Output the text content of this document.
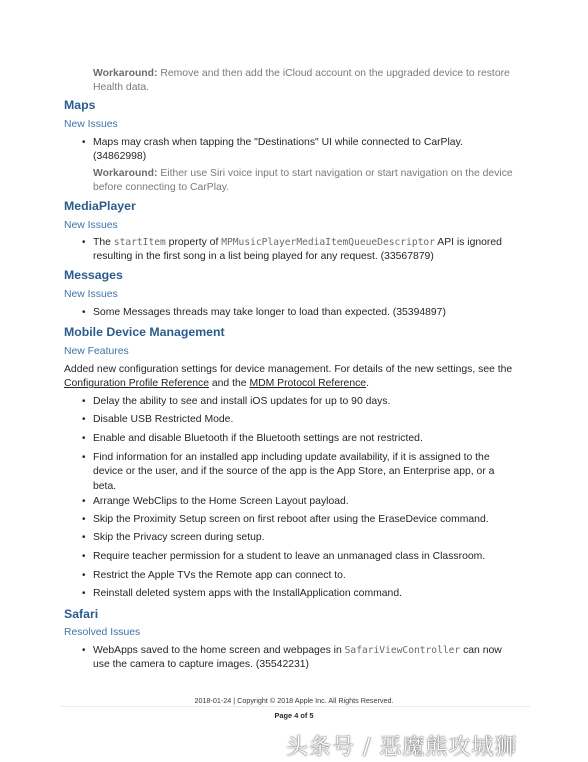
Workaround: Remove and then add the iCloud account on the upgraded device to restore Health data.
Maps
New Issues
• Maps may crash when tapping the "Destinations" UI while connected to CarPlay. (34862998)
Workaround: Either use Siri voice input to start navigation or start navigation on the device before connecting to CarPlay.
MediaPlayer
New Issues
• The startItem property of MPMusicPlayerMediaItemQueueDescriptor API is ignored resulting in the first song in a list being played for any request. (33567879)
Messages
New Issues
• Some Messages threads may take longer to load than expected. (35394897)
Mobile Device Management
New Features
Added new configuration settings for device management. For details of the new settings, see the Configuration Profile Reference and the MDM Protocol Reference.
• Delay the ability to see and install iOS updates for up to 90 days.
• Disable USB Restricted Mode.
• Enable and disable Bluetooth if the Bluetooth settings are not restricted.
• Find information for an installed app including update availability, if it is assigned to the device or the user, and if the source of the app is the App Store, an Enterprise app, or a beta.
• Arrange WebClips to the Home Screen Layout payload.
• Skip the Proximity Setup screen on first reboot after using the EraseDevice command.
• Skip the Privacy screen during setup.
• Require teacher permission for a student to leave an unmanaged class in Classroom.
• Restrict the Apple TVs the Remote app can connect to.
• Reinstall deleted system apps with the InstallApplication command.
Safari
Resolved Issues
• WebApps saved to the home screen and webpages in SafariViewController can now use the camera to capture images. (35542231)
2018-01-24 | Copyright © 2018 Apple Inc. All Rights Reserved.
Page 4 of 5
头条号 / 恶魔熊攻城狮
